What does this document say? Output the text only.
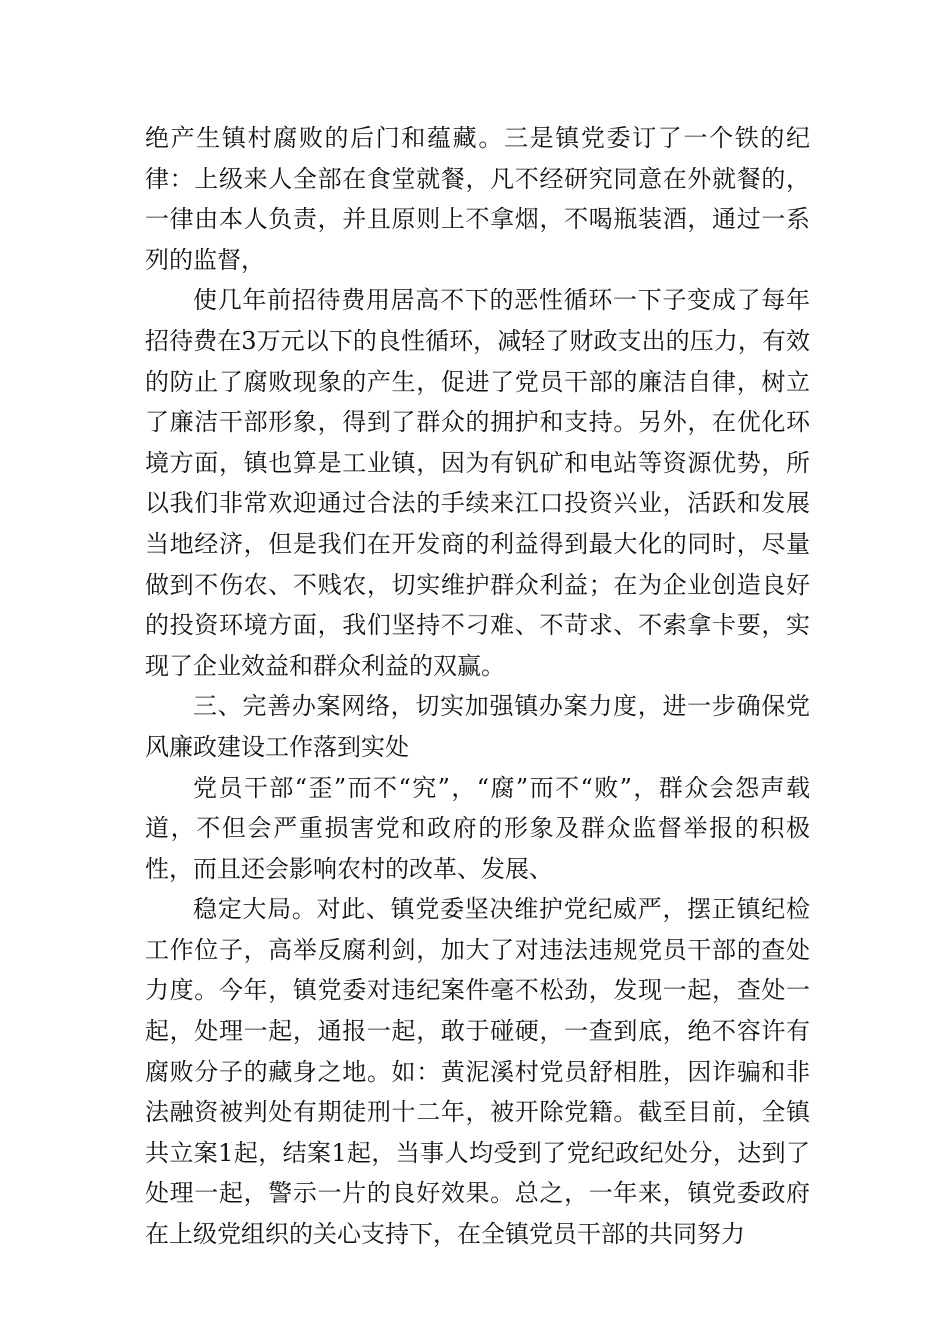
绝产生镇村腐败的后门和蕴藏。三是镇党委订了一个铁的纪律：上级来人全部在食堂就餐，凡不经研究同意在外就餐的，一律由本人负责，并且原则上不拿烟，不喝瓶装酒，通过一系列的监督，

使几年前招待费用居高不下的恶性循环一下子变成了每年招待费在3万元以下的良性循环，减轻了财政支出的压力，有效的防止了腐败现象的产生，促进了党员干部的廉洁自律，树立了廉洁干部形象，得到了群众的拥护和支持。另外，在优化环境方面，镇也算是工业镇，因为有钒矿和电站等资源优势，所以我们非常欢迎通过合法的手续来江口投资兴业，活跃和发展当地经济，但是我们在开发商的利益得到最大化的同时，尽量做到不伤农、不贱农，切实维护群众利益；在为企业创造良好的投资环境方面，我们坚持不刁难、不苛求、不索拿卡要，实现了企业效益和群众利益的双赢。

三、完善办案网络，切实加强镇办案力度，进一步确保党风廉政建设工作落到实处

党员干部“歪”而不“究”，“腐”而不“败”，群众会怨声载道，不但会严重损害党和政府的形象及群众监督举报的积极性，而且还会影响农村的改革、发展、

稳定大局。对此、镇党委坚决维护党纪威严，摆正镇纪检工作位子，高举反腐利剑，加大了对违法违规党员干部的查处力度。今年，镇党委对违纪案件毫不松劲，发现一起，查处一起，处理一起，通报一起，敢于碰硬，一查到底，绝不容许有腐败分子的藏身之地。如：黄泥溪村党员舒相胜，因诈骗和非法融资被判处有期徒刑十二年，被开除党籍。截至目前，全镇共立案1起，结案1起，当事人均受到了党纪政纪处分，达到了处理一起，警示一片的良好效果。总之，一年来，镇党委政府在上级党组织的关心支持下，在全镇党员干部的共同努力
